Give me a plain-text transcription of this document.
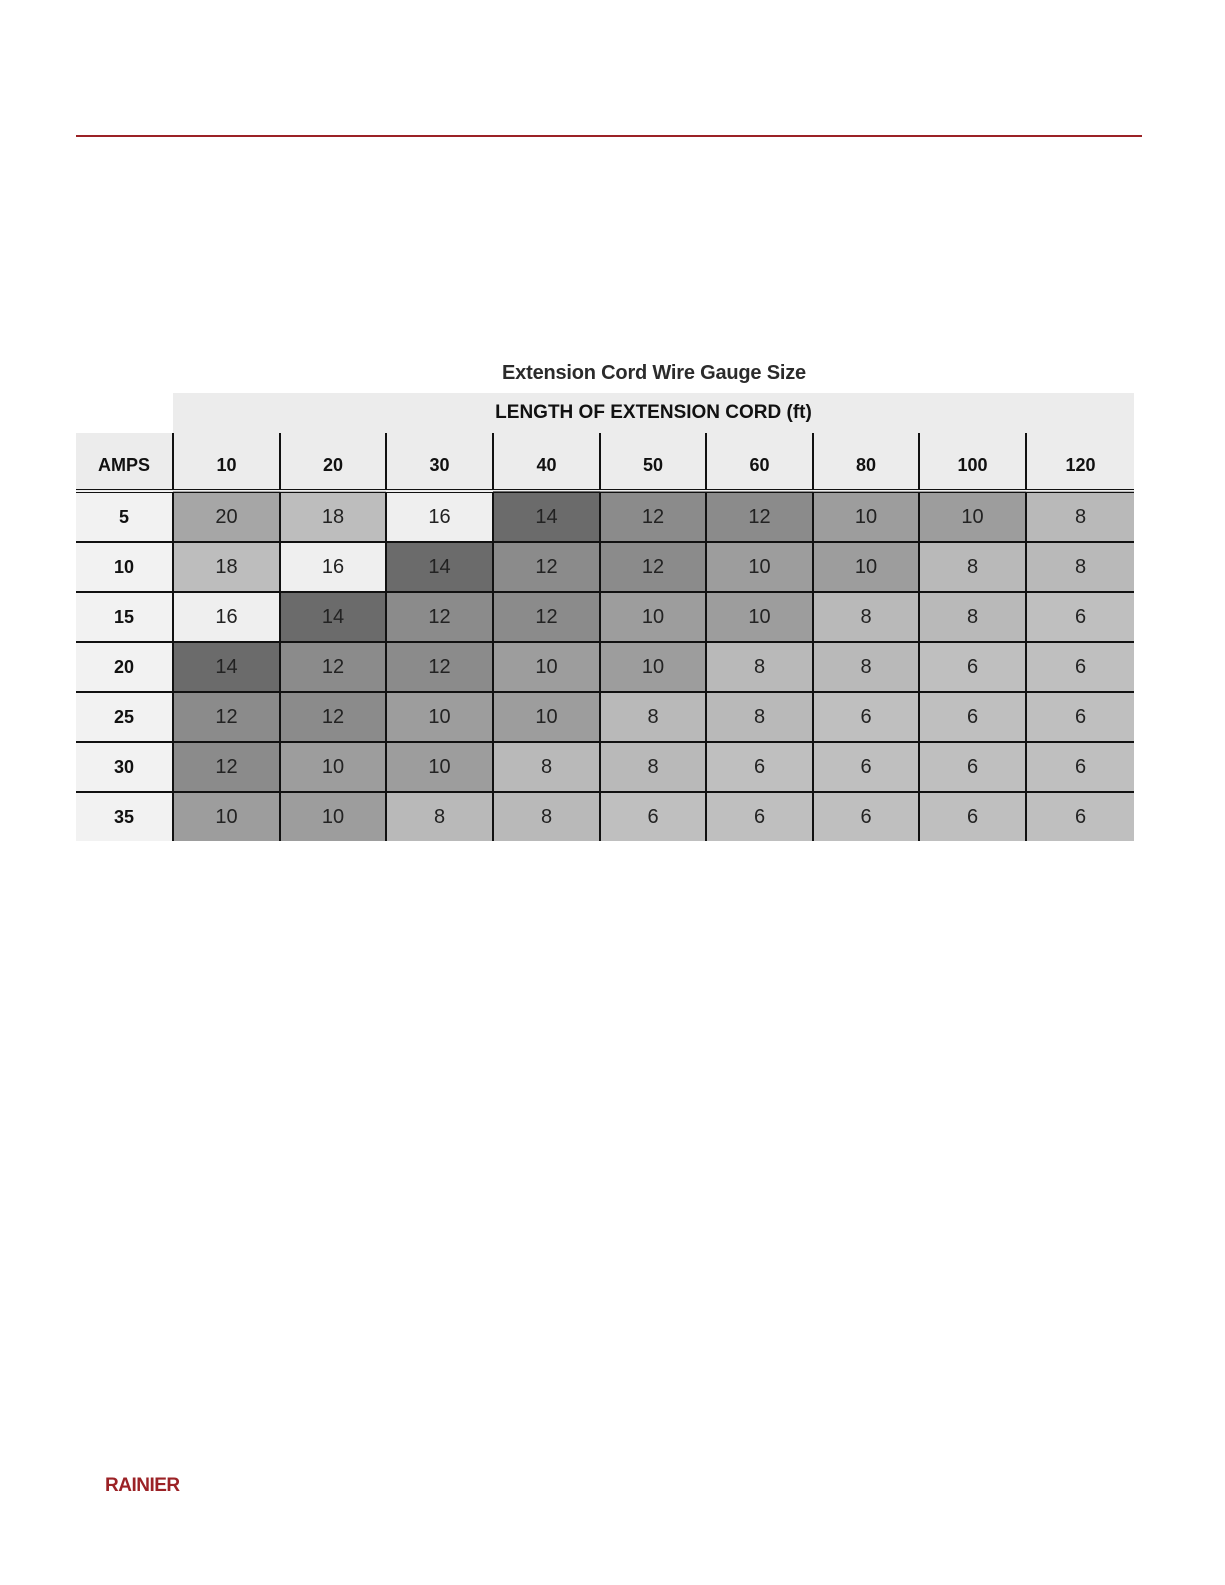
Extension Cord Wire Gauge Size
	LENGTH OF EXTENSION CORD (ft)								
AMPS	10	20	30	40	50	60	80	100	120
5	20	18	16	14	12	12	10	10	8
10	18	16	14	12	12	10	10	8	8
15	16	14	12	12	10	10	8	8	6
20	14	12	12	10	10	8	8	6	6
25	12	12	10	10	8	8	6	6	6
30	12	10	10	8	8	6	6	6	6
35	10	10	8	8	6	6	6	6	6
RAINIER
